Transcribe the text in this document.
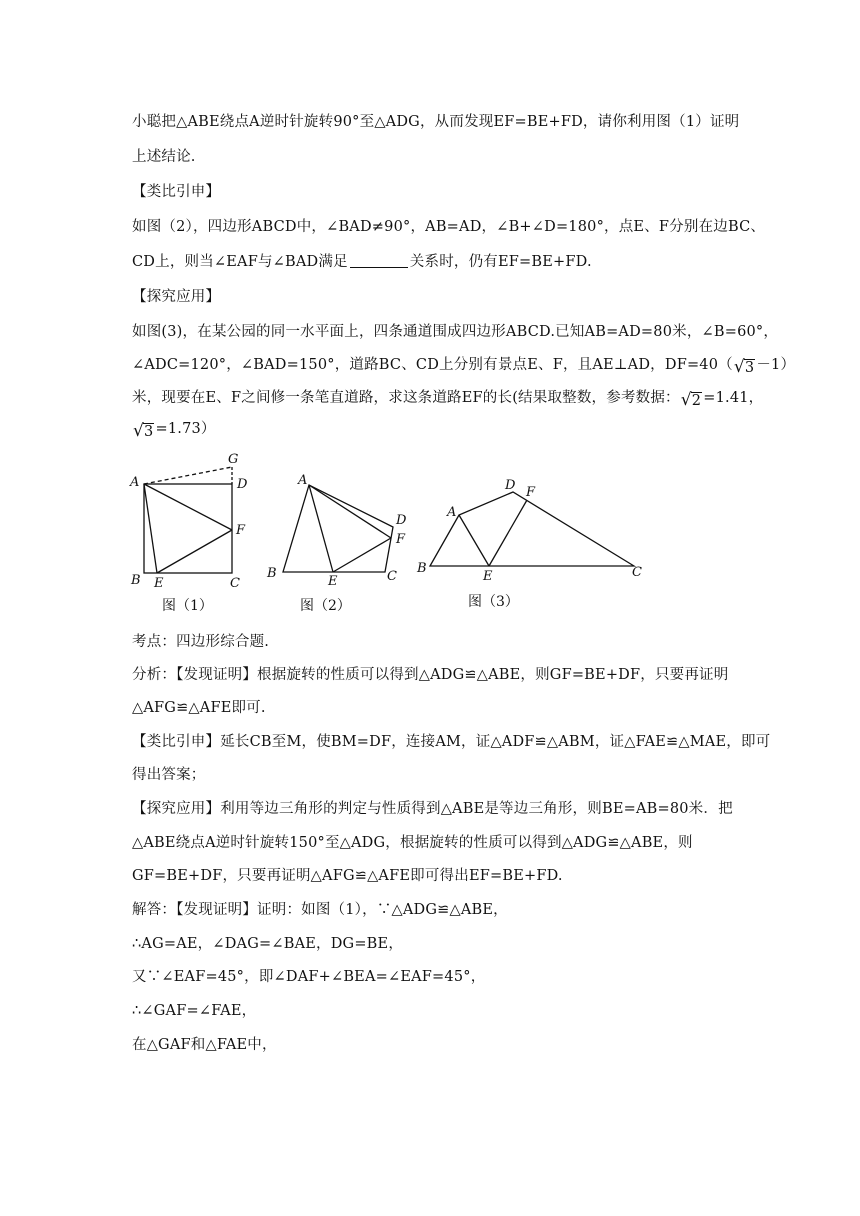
小聪把△ABE绕点A逆时针旋转90°至△ADG，从而发现EF=BE+FD，请你利用图（1）证明
上述结论.
【类比引申】
如图（2），四边形ABCD中，∠BAD≠90°，AB=AD，∠B+∠D=180°，点E、F分别在边BC、
CD上，则当∠EAF与∠BAD满足	关系时，仍有EF=BE+FD.
【探究应用】
如图(3)，在某公园的同一水平面上，四条通道围成四边形ABCD.已知AB=AD=80米，∠B=60°，
∠ADC=120°，∠BAD=150°，道路BC、CD上分别有景点E、F，且AE⊥AD，DF=40（ √ 3 －1）
米，现要在E、F之间修一条笔直道路，求这条道路EF的长(结果取整数，参考数据： √ 2 =1.41，
√ 3 =1.73）
A
G
D
F
B E	C
图（1）
A
D
F
B
E	C
图（2）
A
D F
B
E	C
图（3）
考点：四边形综合题.
分析：【发现证明】根据旋转的性质可以得到△ADG≌△ABE，则GF=BE+DF，只要再证明
△AFG≌△AFE即可.
【类比引申】延长CB至M，使BM=DF，连接AM，证△ADF≌△ABM，证△FAE≌△MAE，即可
得出答案；
【探究应用】利用等边三角形的判定与性质得到△ABE是等边三角形，则BE=AB=80米．把
△ABE绕点A逆时针旋转150°至△ADG，根据旋转的性质可以得到△ADG≌△ABE，则
GF=BE+DF，只要再证明△AFG≌△AFE即可得出EF=BE+FD.
解答：【发现证明】证明：如图（1），∵△ADG≌△ABE，
∴AG=AE，∠DAG=∠BAE，DG=BE，
又∵∠EAF=45°，即∠DAF+∠BEA=∠EAF=45°，
∴∠GAF=∠FAE，
在△GAF和△FAE中，
